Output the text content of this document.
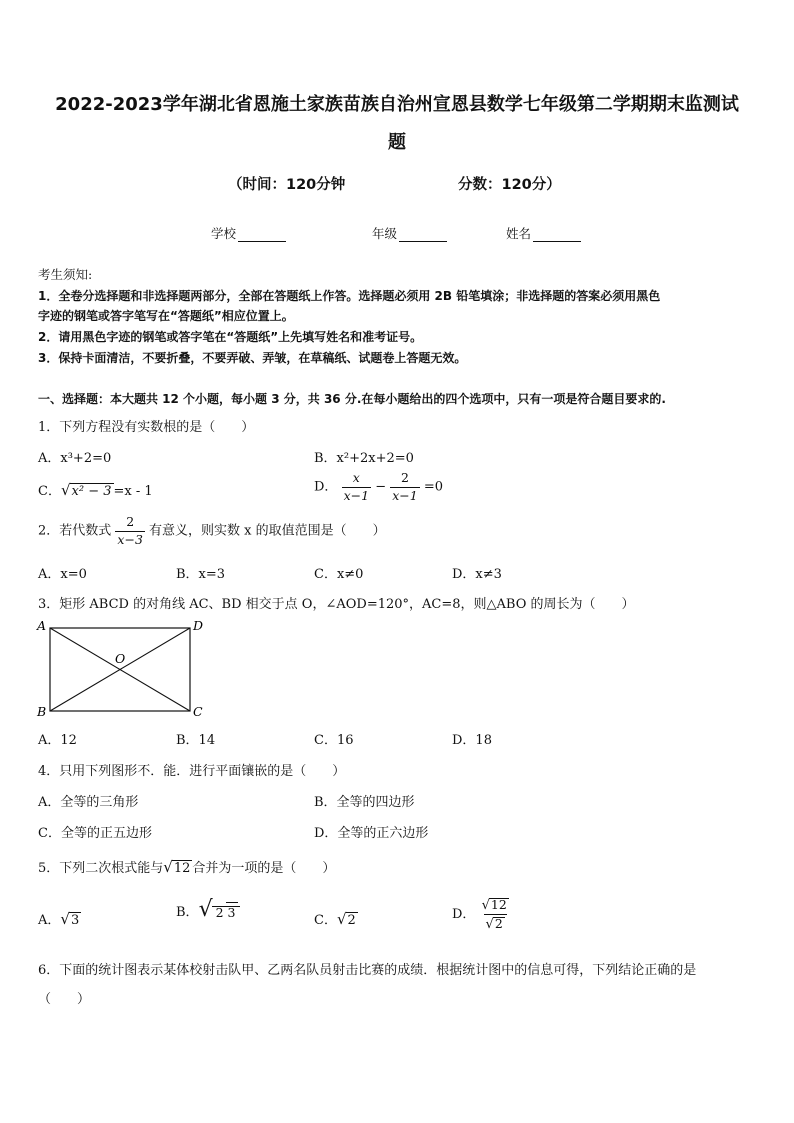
2022-2023学年湖北省恩施土家族苗族自治州宣恩县数学七年级第二学期期末监测试
题
（时间：120分钟	分数：120分）
学校	年级	姓名
考生须知:
1．全卷分选择题和非选择题两部分，全部在答题纸上作答。选择题必须用 2B 铅笔填涂；非选择题的答案必须用黑色
字迹的钢笔或答字笔写在“答题纸”相应位置上。
2．请用黑色字迹的钢笔或答字笔在“答题纸”上先填写姓名和准考证号。
3．保持卡面清洁，不要折叠，不要弄破、弄皱，在草稿纸、试题卷上答题无效。
一、选择题：本大题共 12 个小题，每小题 3 分，共 36 分.在每小题给出的四个选项中，只有一项是符合题目要求的.
1．下列方程没有实数根的是（　　）
A．x³+2=0	B．x²+2x+2=0
C．√x² − 3 =x - 1	D． $\frac{x}{x-1} - \frac{2}{x-1} =0$
2．若代数式 $\frac{2}{x-3}$ 有意义，则实数 x 的取值范围是（　　）
A．x=0	B．x=3	C．x≠0	D．x≠3
3．矩形 ABCD 的对角线 AC、BD 相交于点 O，∠AOD=120°，AC=8，则△ABO 的周长为（　　）
A	D
B	C
O
A．12	B．14	C．16	D．18
4．只用下列图形不．能．进行平面镶嵌的是（　　）
A．全等的三角形	B．全等的四边形
C．全等的正五边形	D．全等的正六边形
5．下列二次根式能与√12 合并为一项的是（　　）
A．√3
B．√ 2 3
C．√2	D． $\frac{√12}{√2}$
6．下面的统计图表示某体校射击队甲、乙两名队员射击比赛的成绩．根据统计图中的信息可得，下列结论正确的是
（　　）
